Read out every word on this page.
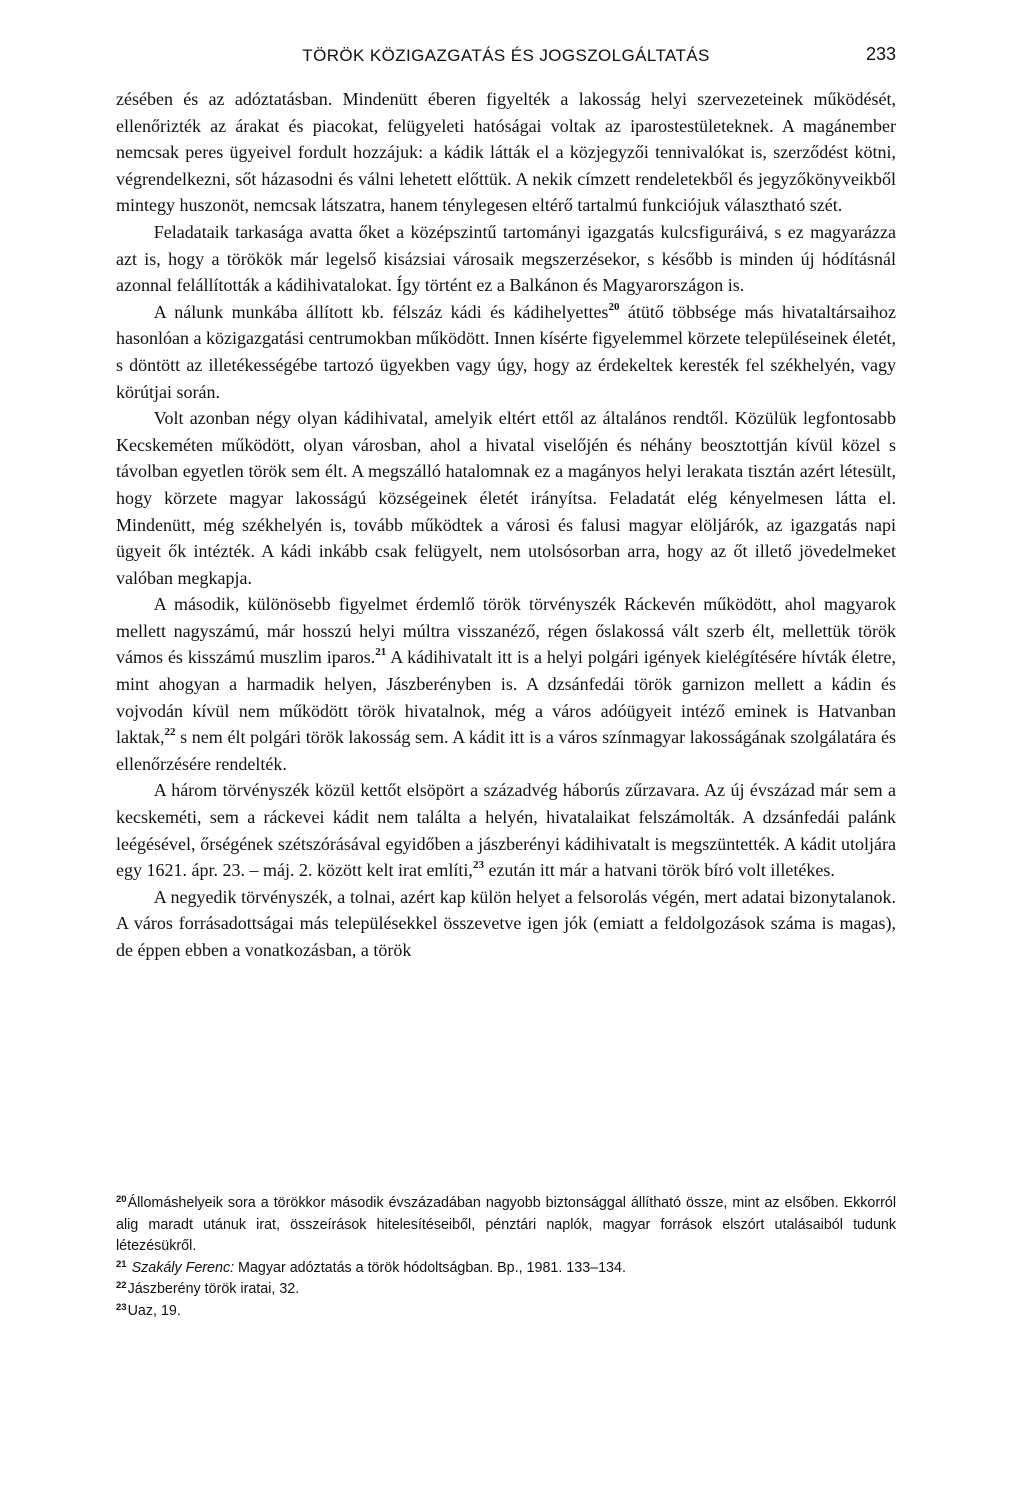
TÖRÖK KÖZIGAZGATÁS ÉS JOGSZOLGÁLTATÁS	233

zésében és az adóztatásban. Mindenütt éberen figyelték a lakosság helyi szervezeteinek működését, ellenőrizték az árakat és piacokat, felügyeleti hatóságai voltak az iparostestületeknek. A magánember nemcsak peres ügyeivel fordult hozzájuk: a kádik látták el a közjegyzői tennivalókat is, szerződést kötni, végrendelkezni, sőt házasodni és válni lehetett előttük. A nekik címzett rendeletekből és jegyzőkönyveikből mintegy huszonöt, nemcsak látszatra, hanem ténylegesen eltérő tartalmú funkciójuk választható szét.

Feladataik tarkasága avatta őket a középszintű tartományi igazgatás kulcsfiguráivá, s ez magyarázza azt is, hogy a törökök már legelső kisázsiai városaik megszerzésekor, s később is minden új hódításnál azonnal felállították a kádihivatalokat. Így történt ez a Balkánon és Magyarországon is.

A nálunk munkába állított kb. félszáz kádi és kádihelyettes$^{20}$ átütő többsége más hivataltársaihoz hasonlóan a közigazgatási centrumokban működött. Innen kísérte figyelemmel körzete településeinek életét, s döntött az illetékességébe tartozó ügyekben vagy úgy, hogy az érdekeltek keresték fel székhelyén, vagy körútjai során.

Volt azonban négy olyan kádihivatal, amelyik eltért ettől az általános rendtől. Közülük legfontosabb Kecskeméten működött, olyan városban, ahol a hivatal viselőjén és néhány beosztottján kívül közel s távolban egyetlen török sem élt. A megszálló hatalomnak ez a magányos helyi lerakata tisztán azért létesült, hogy körzete magyar lakosságú községeinek életét irányítsa. Feladatát elég kényelmesen látta el. Mindenütt, még székhelyén is, tovább működtek a városi és falusi magyar elöljárók, az igazgatás napi ügyeit ők intézték. A kádi inkább csak felügyelt, nem utolsósorban arra, hogy az őt illető jövedelmeket valóban megkapja.

A második, különösebb figyelmet érdemlő török törvényszék Ráckevén működött, ahol magyarok mellett nagyszámú, már hosszú helyi múltra visszanéző, régen őslakossá vált szerb élt, mellettük török vámos és kisszámú muszlim iparos.$^{21}$ A kádihivatalt itt is a helyi polgári igények kielégítésére hívták életre, mint ahogyan a harmadik helyen, Jászberényben is. A dzsánfedái török garnizon mellett a kádin és vojvodán kívül nem működött török hivatalnok, még a város adóügyeit intéző eminek is Hatvanban laktak,$^{22}$ s nem élt polgári török lakosság sem. A kádit itt is a város színmagyar lakosságának szolgálatára és ellenőrzésére rendelték.

A három törvényszék közül kettőt elsöpört a századvég háborús zűrzavara. Az új évszázad már sem a kecskeméti, sem a ráckevei kádit nem találta a helyén, hivatalaikat felszámolták. A dzsánfedái palánk leégésével, őrségének szétszórásával egyidőben a jászberényi kádihivatalt is megszüntették. A kádit utoljára egy 1621. ápr. 23. – máj. 2. között kelt irat említi,$^{23}$ ezután itt már a hatvani török bíró volt illetékes.

A negyedik törvényszék, a tolnai, azért kap külön helyet a felsorolás végén, mert adatai bizonytalanok. A város forrásadottságai más településekkel összevetve igen jók (emiatt a feldolgozások száma is magas), de éppen ebben a vonatkozásban, a török

$^{20}$Állomáshelyeik sora a törökkor második évszázadában nagyobb biztonsággal állítható össze, mint az elsőben. Ekkorról alig maradt utánuk irat, összeírások hitelesítéseiből, pénztári naplók, magyar források elszórt utalásaiból tudunk létezésükről.

$^{21}$ Szakály Ferenc: Magyar adóztatás a török hódoltságban. Bp., 1981. 133–134.

$^{22}$Jászberény török iratai, 32.

$^{23}$Uaz, 19.
